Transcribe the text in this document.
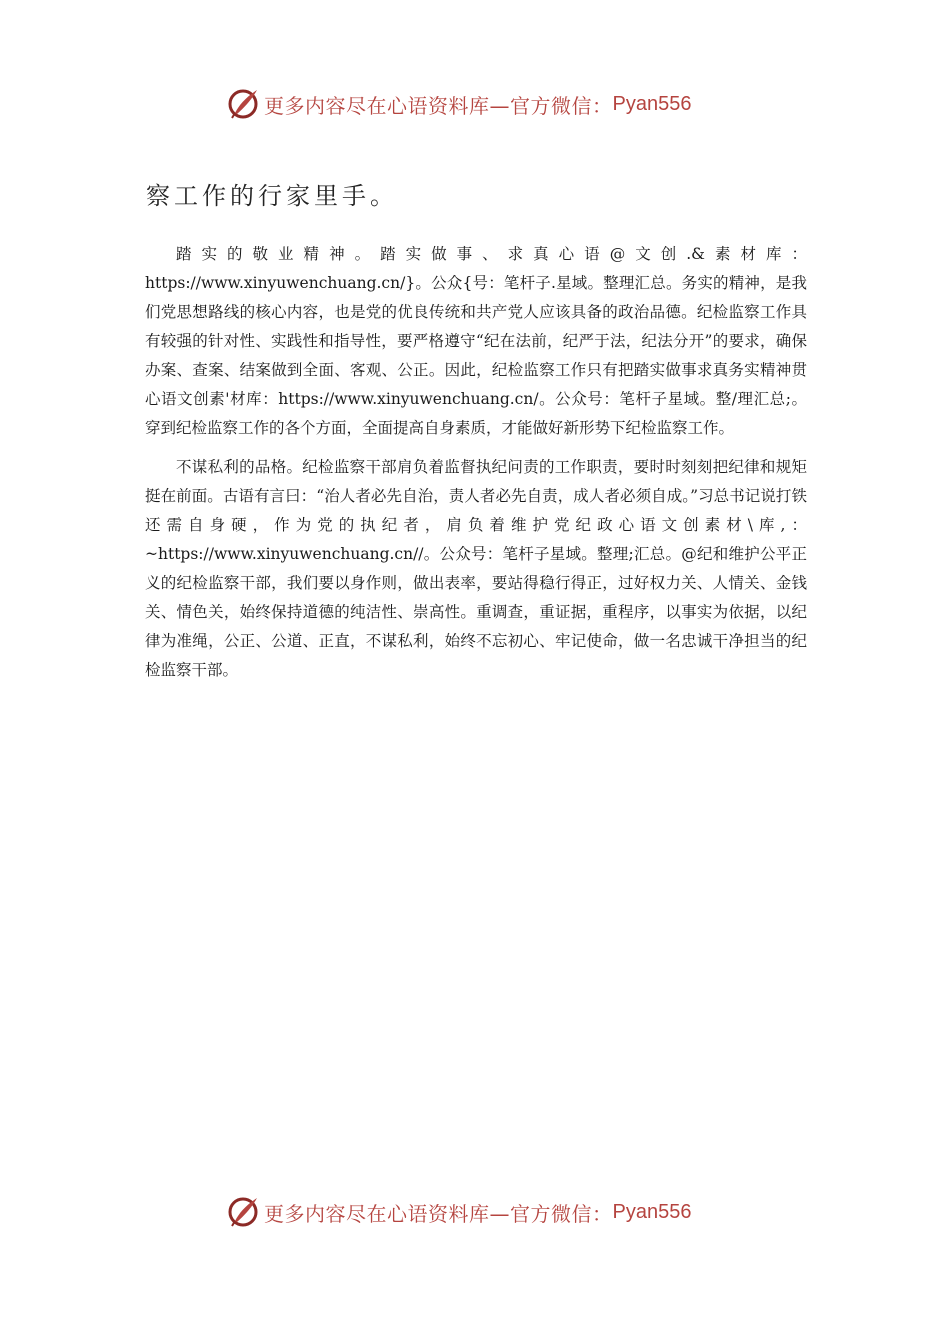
更多内容尽在心语资料库—官方微信： Pyan556
察工作的行家里手。

踏实的敬业精神。踏实做事、求真心语@文创.&素材库：https://www.xinyuwenchuang.cn/}。公众{号：笔杆子.星域。整理汇总。务实的精神，是我们党思想路线的核心内容，也是党的优良传统和共产党人应该具备的政治品德。纪检监察工作具有较强的针对性、实践性和指导性，要严格遵守“纪在法前，纪严于法，纪法分开”的要求，确保办案、查案、结案做到全面、客观、公正。因此，纪检监察工作只有把踏实做事求真务实精神贯心语文创素'材库：https://www.xinyuwenchuang.cn/。公众号：笔杆子星域。整/理汇总;。穿到纪检监察工作的各个方面，全面提高自身素质，才能做好新形势下纪检监察工作。

不谋私利的品格。纪检监察干部肩负着监督执纪问责的工作职责，要时时刻刻把纪律和规矩挺在前面。古语有言曰：“治人者必先自治，责人者必先自责，成人者必须自成。”习总书记说打铁还需自身硬，作为党的执纪者，肩负着维护党纪政心语文创素材\库,：~https://www.xinyuwenchuang.cn//。公众号：笔杆子星域。整理;汇总。@纪和维护公平正义的纪检监察干部，我们要以身作则，做出表率，要站得稳行得正，过好权力关、人情关、金钱关、情色关，始终保持道德的纯洁性、崇高性。重调查，重证据，重程序，以事实为依据，以纪律为准绳，公正、公道、正直，不谋私利，始终不忘初心、牢记使命，做一名忠诚干净担当的纪检监察干部。

更多内容尽在心语资料库—官方微信： Pyan556
